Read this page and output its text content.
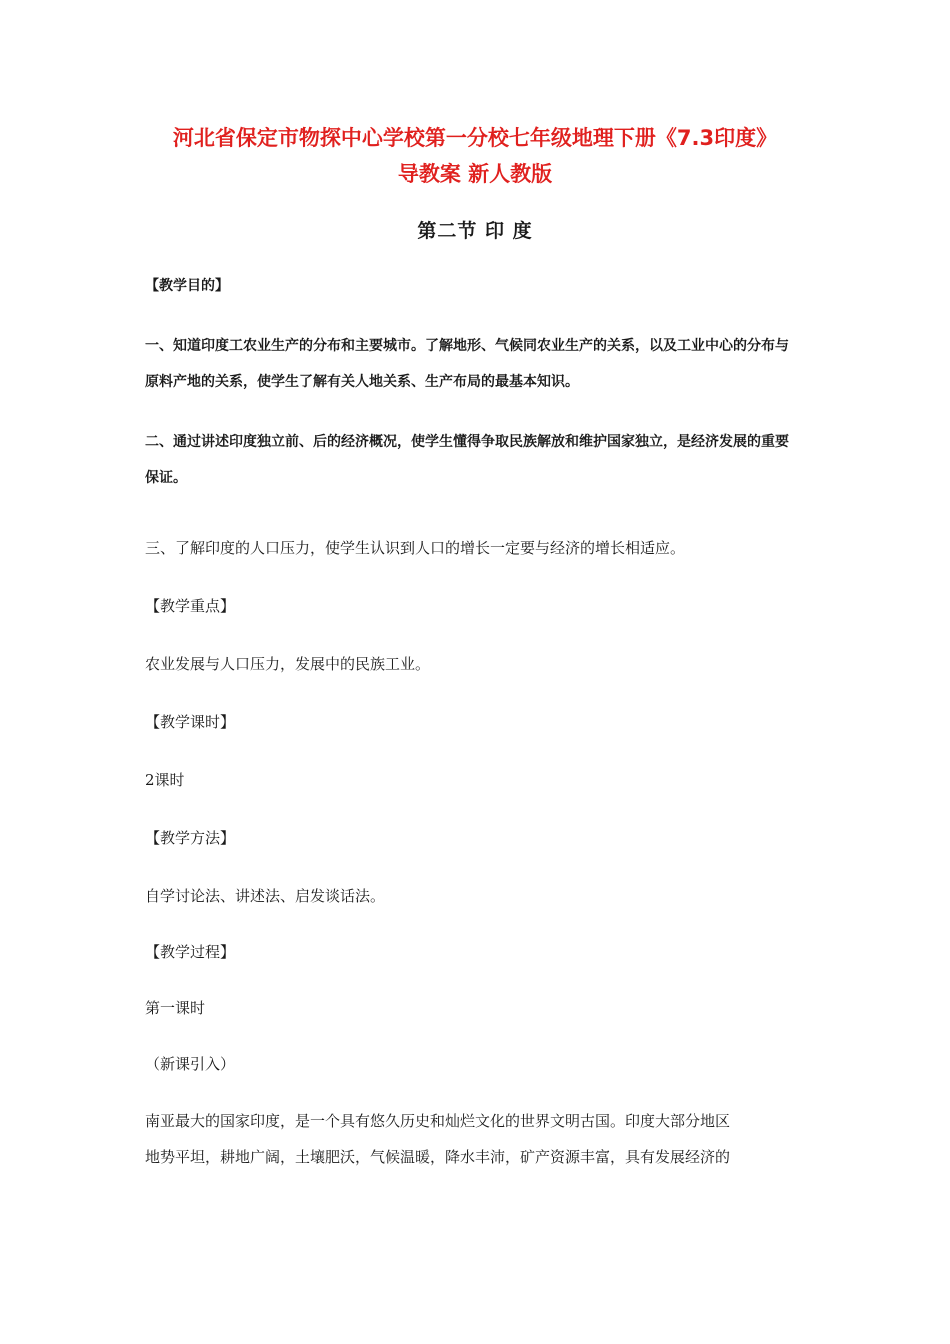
河北省保定市物探中心学校第一分校七年级地理下册《7.3印度》
导教案 新人教版
第二节 印 度
【教学目的】
一、知道印度工农业生产的分布和主要城市。了解地形、气候同农业生产的关系，以及工业中心的分布与
原料产地的关系，使学生了解有关人地关系、生产布局的最基本知识。
二、通过讲述印度独立前、后的经济概况，使学生懂得争取民族解放和维护国家独立，是经济发展的重要
保证。
三、了解印度的人口压力，使学生认识到人口的增长一定要与经济的增长相适应。
【教学重点】
农业发展与人口压力，发展中的民族工业。
【教学课时】
2课时
【教学方法】
自学讨论法、讲述法、启发谈话法。
【教学过程】
第一课时
（新课引入）
南亚最大的国家印度，是一个具有悠久历史和灿烂文化的世界文明古国。印度大部分地区
地势平坦，耕地广阔，土壤肥沃，气候温暖，降水丰沛，矿产资源丰富，具有发展经济的
